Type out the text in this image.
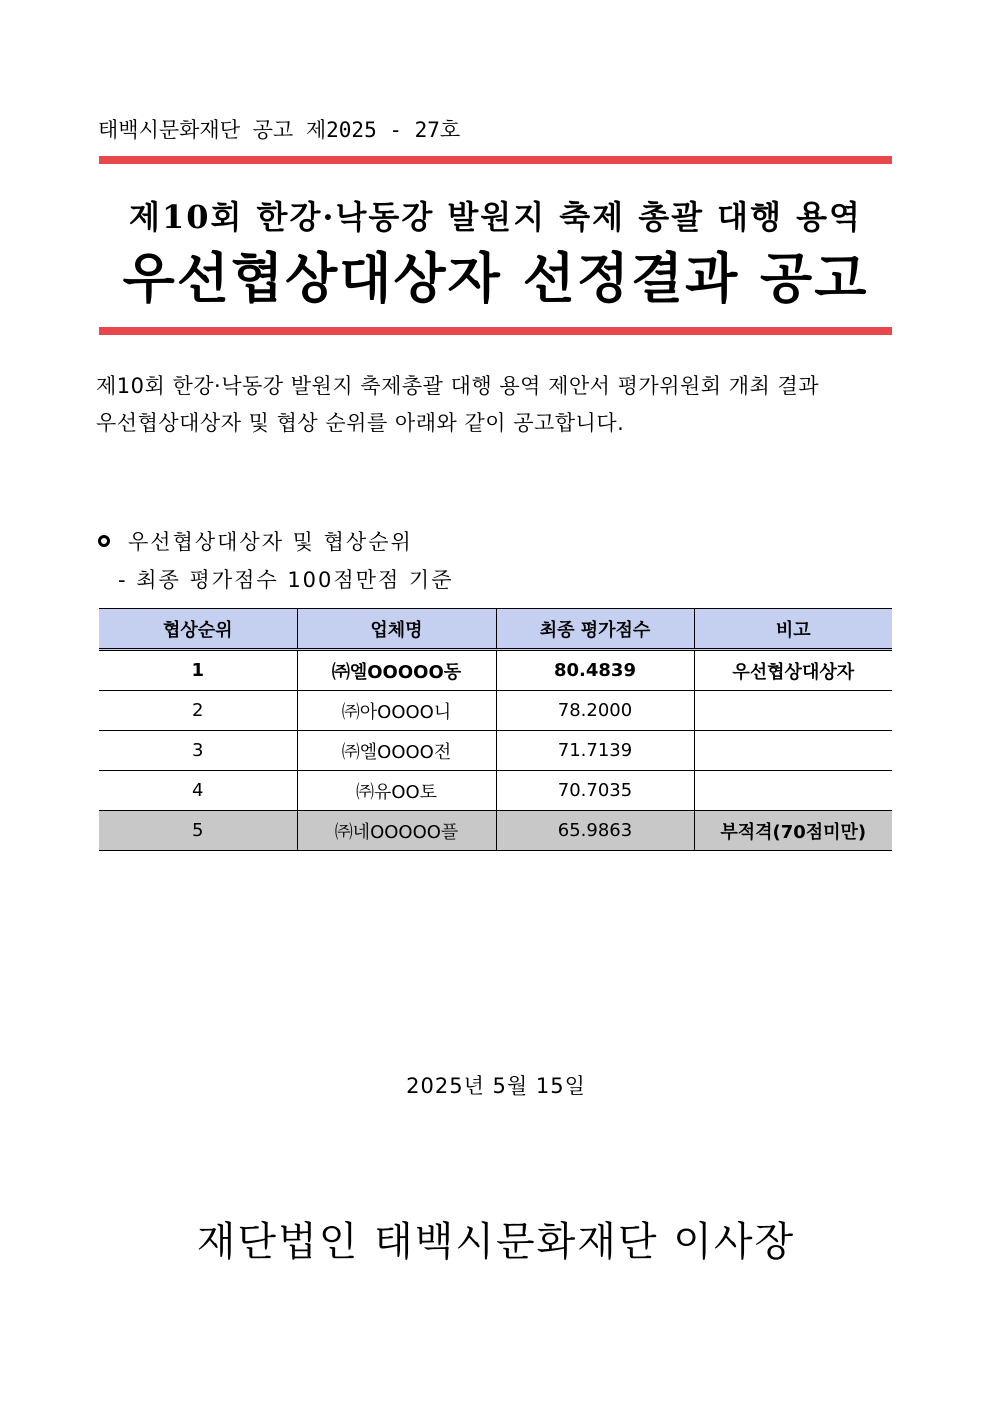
태백시문화재단 공고 제2025 - 27호
제10회 한강·낙동강 발원지 축제 총괄 대행 용역
우선협상대상자 선정결과 공고
제10회 한강·낙동강 발원지 축제총괄 대행 용역 제안서 평가위원회 개최 결과
우선협상대상자 및 협상 순위를 아래와 같이 공고합니다.
우선협상대상자 및 협상순위
- 최종 평가점수 100점만점 기준
협상순위	업체명	최종 평가점수	비고
1	㈜엘OOOOO동	80.4839	우선협상대상자
2	㈜아OOOO니	78.2000	
3	㈜엘OOOO전	71.7139	
4	㈜유OO토	70.7035	
5	㈜네OOOOO플	65.9863	부적격(70점미만)
2025년 5월 15일
재단법인 태백시문화재단 이사장
